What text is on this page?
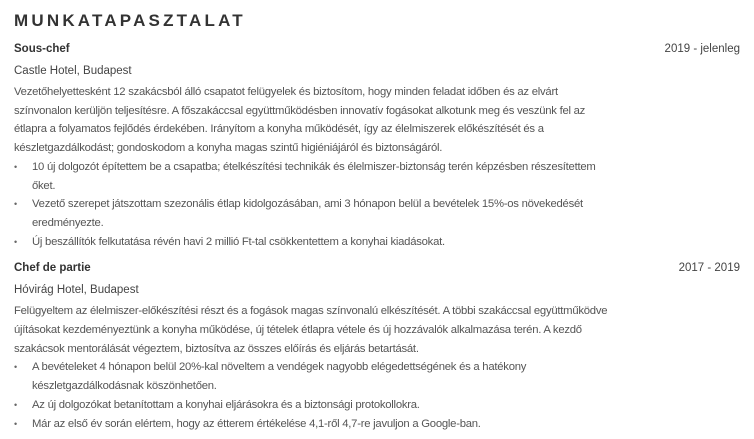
MUNKATAPASZTALAT
Sous-chef	2019 - jelenleg
Castle Hotel, Budapest
Vezetőhelyettesként 12 szakácsból álló csapatot felügyelek és biztosítom, hogy minden feladat időben és az elvárt színvonalon kerüljön teljesítésre. A főszakáccsal együttműködésben innovatív fogásokat alkotunk meg és veszünk fel az étlapra a folyamatos fejlődés érdekében. Irányítom a konyha működését, így az élelmiszerek előkészítését és a készletgazdálkodást; gondoskodom a konyha magas szintű higiéniájáról és biztonságáról.
• 10 új dolgozót építettem be a csapatba; ételkészítési technikák és élelmiszer-biztonság terén képzésben részesítettem őket.
• Vezető szerepet játszottam szezonális étlap kidolgozásában, ami 3 hónapon belül a bevételek 15%-os növekedését eredményezte.
• Új beszállítók felkutatása révén havi 2 millió Ft-tal csökkentettem a konyhai kiadásokat.
Chef de partie	2017 - 2019
Hóvirág Hotel, Budapest
Felügyeltem az élelmiszer-előkészítési részt és a fogások magas színvonalú elkészítését. A többi szakáccsal együttműködve újításokat kezdeményeztünk a konyha működése, új tételek étlapra vétele és új hozzávalók alkalmazása terén. A kezdő szakácsok mentorálását végeztem, biztosítva az összes előírás és eljárás betartását.
• A bevételeket 4 hónapon belül 20%-kal növeltem a vendégek nagyobb elégedettségének és a hatékony készletgazdálkodásnak köszönhetően.
• Az új dolgozókat betanítottam a konyhai eljárásokra és a biztonsági protokollokra.
• Már az első év során elértem, hogy az étterem értékelése 4,1-ről 4,7-re javuljon a Google-ban.
